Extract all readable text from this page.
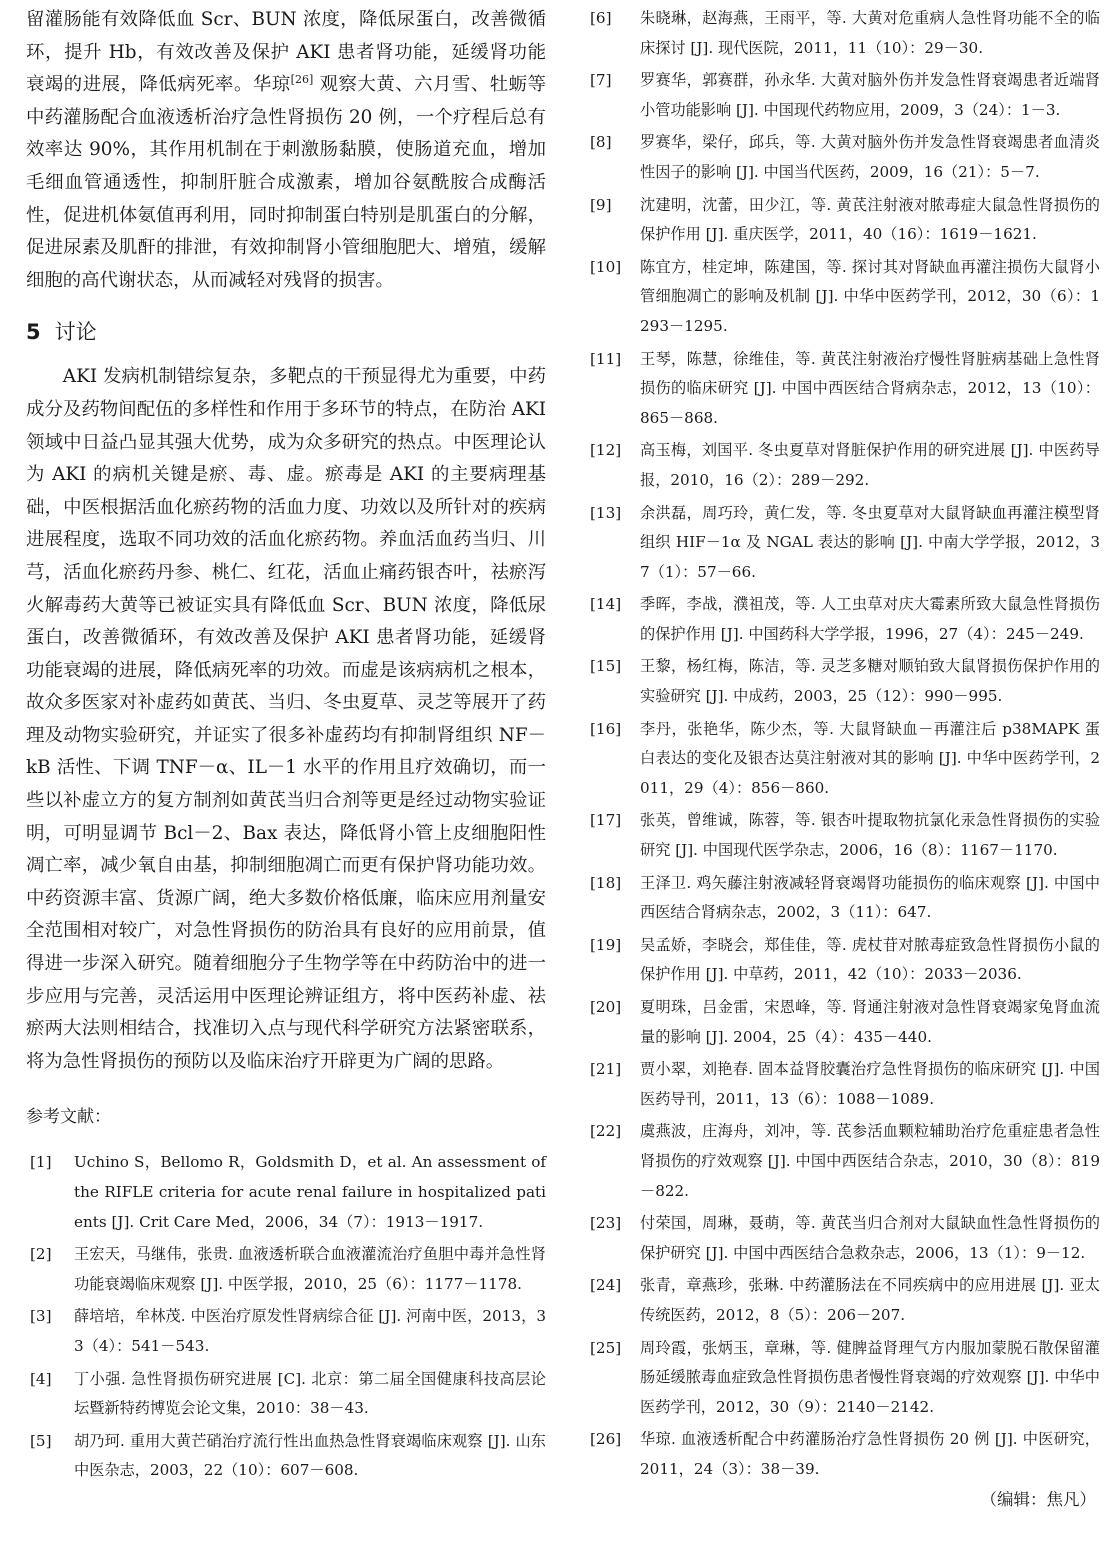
留灌肠能有效降低血 Scr、BUN 浓度，降低尿蛋白，改善微循环，提升 Hb，有效改善及保护 AKI 患者肾功能，延缓肾功能衰竭的进展，降低病死率。华琼[26] 观察大黄、六月雪、牡蛎等中药灌肠配合血液透析治疗急性肾损伤 20 例，一个疗程后总有效率达 90%，其作用机制在于刺激肠黏膜，使肠道充血，增加毛细血管通透性，抑制肝脏合成激素，增加谷氨酰胺合成酶活性，促进机体氨值再利用，同时抑制蛋白特别是肌蛋白的分解，促进尿素及肌酐的排泄，有效抑制肾小管细胞肥大、增殖，缓解细胞的高代谢状态，从而减轻对残肾的损害。

5 讨论

AKI 发病机制错综复杂，多靶点的干预显得尤为重要，中药成分及药物间配伍的多样性和作用于多环节的特点，在防治 AKI 领域中日益凸显其强大优势，成为众多研究的热点。中医理论认为 AKI 的病机关键是瘀、毒、虚。瘀毒是 AKI 的主要病理基础，中医根据活血化瘀药物的活血力度、功效以及所针对的疾病进展程度，选取不同功效的活血化瘀药物。养血活血药当归、川芎，活血化瘀药丹参、桃仁、红花，活血止痛药银杏叶，祛瘀泻火解毒药大黄等已被证实具有降低血 Scr、BUN 浓度，降低尿蛋白，改善微循环，有效改善及保护 AKI 患者肾功能，延缓肾功能衰竭的进展，降低病死率的功效。而虚是该病病机之根本，故众多医家对补虚药如黄芪、当归、冬虫夏草、灵芝等展开了药理及动物实验研究，并证实了很多补虚药均有抑制肾组织 NF－kB 活性、下调 TNF－α、IL－1 水平的作用且疗效确切，而一些以补虚立方的复方制剂如黄芪当归合剂等更是经过动物实验证明，可明显调节 Bcl－2、Bax 表达，降低肾小管上皮细胞阳性凋亡率，减少氧自由基，抑制细胞凋亡而更有保护肾功能功效。中药资源丰富、货源广阔，绝大多数价格低廉，临床应用剂量安全范围相对较广，对急性肾损伤的防治具有良好的应用前景，值得进一步深入研究。随着细胞分子生物学等在中药防治中的进一步应用与完善，灵活运用中医理论辨证组方，将中医药补虚、祛瘀两大法则相结合，找准切入点与现代科学研究方法紧密联系，将为急性肾损伤的预防以及临床治疗开辟更为广阔的思路。

参考文献：
[1] Uchino S，Bellomo R，Goldsmith D，et al. An assessment of the RIFLE criteria for acute renal failure in hospitalized patients [J]. Crit Care Med，2006，34（7）：1913－1917.
[2] 王宏天，马继伟，张贵. 血液透析联合血液灌流治疗鱼胆中毒并急性肾功能衰竭临床观察 [J]. 中医学报，2010，25（6）：1177－1178.
[3] 薛培培，牟林茂. 中医治疗原发性肾病综合征 [J]. 河南中医，2013，33（4）：541－543.
[4] 丁小强. 急性肾损伤研究进展 [C]. 北京：第二届全国健康科技高层论坛暨新特药博览会论文集，2010：38－43.
[5] 胡乃珂. 重用大黄芒硝治疗流行性出血热急性肾衰竭临床观察 [J]. 山东中医杂志，2003，22（10）：607－608.
[6] 朱晓琳，赵海燕，王雨平，等. 大黄对危重病人急性肾功能不全的临床探讨 [J]. 现代医院，2011，11（10）：29－30.
[7] 罗赛华，郭赛群，孙永华. 大黄对脑外伤并发急性肾衰竭患者近端肾小管功能影响 [J]. 中国现代药物应用，2009，3（24）：1－3.
[8] 罗赛华，梁仔，邱兵，等. 大黄对脑外伤并发急性肾衰竭患者血清炎性因子的影响 [J]. 中国当代医药，2009，16（21）：5－7.
[9] 沈建明，沈蕾，田少江，等. 黄芪注射液对脓毒症大鼠急性肾损伤的保护作用 [J]. 重庆医学，2011，40（16）：1619－1621.
[10] 陈宜方，桂定坤，陈建国，等. 探讨其对肾缺血再灌注损伤大鼠肾小管细胞凋亡的影响及机制 [J]. 中华中医药学刊，2012，30（6）：1293－1295.
[11] 王琴，陈慧，徐维佳，等. 黄芪注射液治疗慢性肾脏病基础上急性肾损伤的临床研究 [J]. 中国中西医结合肾病杂志，2012，13（10）：865－868.
[12] 高玉梅，刘国平. 冬虫夏草对肾脏保护作用的研究进展 [J]. 中医药导报，2010，16（2）：289－292.
[13] 余洪磊，周巧玲，黄仁发，等. 冬虫夏草对大鼠肾缺血再灌注模型肾组织 HIF－1α 及 NGAL 表达的影响 [J]. 中南大学学报，2012，37（1）：57－66.
[14] 季晖，李战，濮祖茂，等. 人工虫草对庆大霉素所致大鼠急性肾损伤的保护作用 [J]. 中国药科大学学报，1996，27（4）：245－249.
[15] 王黎，杨红梅，陈洁，等. 灵芝多糖对顺铂致大鼠肾损伤保护作用的实验研究 [J]. 中成药，2003，25（12）：990－995.
[16] 李丹，张艳华，陈少杰，等. 大鼠肾缺血－再灌注后 p38MAPK 蛋白表达的变化及银杏达莫注射液对其的影响 [J]. 中华中医药学刊，2011，29（4）：856－860.
[17] 张英，曾维诚，陈蓉，等. 银杏叶提取物抗氯化汞急性肾损伤的实验研究 [J]. 中国现代医学杂志，2006，16（8）：1167－1170.
[18] 王泽卫. 鸡矢藤注射液减轻肾衰竭肾功能损伤的临床观察 [J]. 中国中西医结合肾病杂志，2002，3（11）：647.
[19] 吴孟娇，李晓会，郑佳佳，等. 虎杖苷对脓毒症致急性肾损伤小鼠的保护作用 [J]. 中草药，2011，42（10）：2033－2036.
[20] 夏明珠，吕金雷，宋恩峰，等. 肾通注射液对急性肾衰竭家兔肾血流量的影响 [J]. 2004，25（4）：435－440.
[21] 贾小翠，刘艳春. 固本益肾胶囊治疗急性肾损伤的临床研究 [J]. 中国医药导刊，2011，13（6）：1088－1089.
[22] 虞燕波，庄海舟，刘冲，等. 芪参活血颗粒辅助治疗危重症患者急性肾损伤的疗效观察 [J]. 中国中西医结合杂志，2010，30（8）：819－822.
[23] 付荣国，周琳，聂萌，等. 黄芪当归合剂对大鼠缺血性急性肾损伤的保护研究 [J]. 中国中西医结合急救杂志，2006，13（1）：9－12.
[24] 张青，章燕珍，张琳. 中药灌肠法在不同疾病中的应用进展 [J]. 亚太传统医药，2012，8（5）：206－207.
[25] 周玲霞，张炳玉，章琳，等. 健脾益肾理气方内服加蒙脱石散保留灌肠延缓脓毒血症致急性肾损伤患者慢性肾衰竭的疗效观察 [J]. 中华中医药学刊，2012，30（9）：2140－2142.
[26] 华琼. 血液透析配合中药灌肠治疗急性肾损伤 20 例 [J]. 中医研究，2011，24（3）：38－39.
（编辑：焦凡）
